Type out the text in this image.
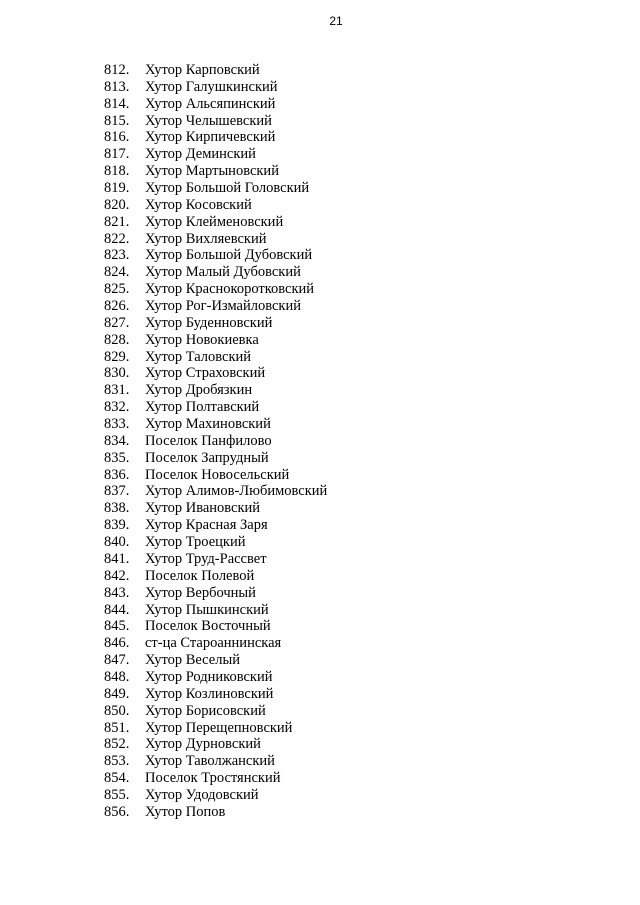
21
812.	Хутор Карповский
813.	Хутор Галушкинский
814.	Хутор Альсяпинский
815.	Хутор Челышевский
816.	Хутор Кирпичевский
817.	Хутор Деминский
818.	Хутор Мартыновский
819.	Хутор Большой Головский
820.	Хутор Косовский
821.	Хутор Клейменовский
822.	Хутор Вихляевский
823.	Хутор Большой Дубовский
824.	Хутор Малый Дубовский
825.	Хутор Краснокоротковский
826.	Хутор Рог-Измайловский
827.	Хутор Буденновский
828.	Хутор Новокиевка
829.	Хутор Таловский
830.	Хутор Страховский
831.	Хутор Дробязкин
832.	Хутор Полтавский
833.	Хутор Махиновский
834.	Поселок Панфилово
835.	Поселок Запрудный
836.	Поселок Новосельский
837.	Хутор Алимов-Любимовский
838.	Хутор Ивановский
839.	Хутор Красная Заря
840.	Хутор Троецкий
841.	Хутор Труд-Рассвет
842.	Поселок Полевой
843.	Хутор Вербочный
844.	Хутор Пышкинский
845.	Поселок Восточный
846.	ст-ца Староаннинская
847.	Хутор Веселый
848.	Хутор Родниковский
849.	Хутор Козлиновский
850.	Хутор Борисовский
851.	Хутор Перещепновский
852.	Хутор Дурновский
853.	Хутор Таволжанский
854.	Поселок Тростянский
855.	Хутор Удодовский
856.	Хутор Попов
